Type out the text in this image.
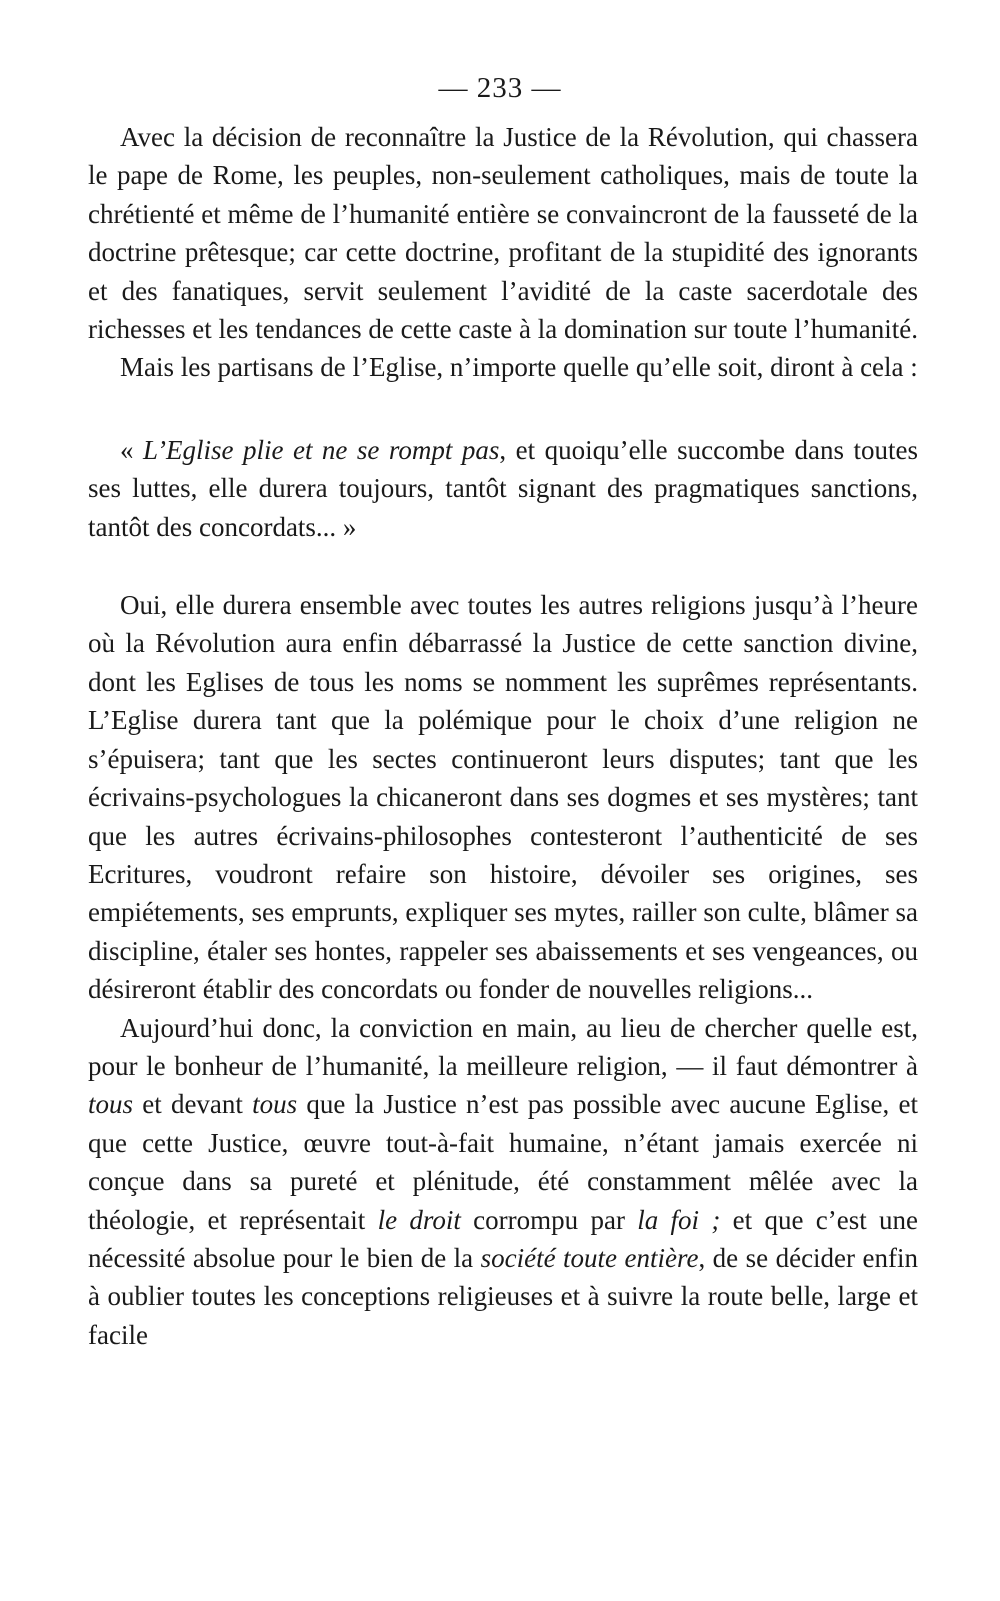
— 233 —

Avec la décision de reconnaître la Justice de la Révolution, qui chassera le pape de Rome, les peuples, non-seulement catholiques, mais de toute la chrétienté et même de l’humanité entière se convaincront de la fausseté de la doctrine prêtesque; car cette doctrine, profitant de la stupidité des ignorants et des fanatiques, servit seulement l’avidité de la caste sacerdotale des richesses et les tendances de cette caste à la domination sur toute l’humanité.

Mais les partisans de l’Eglise, n’importe quelle qu’elle soit, diront à cela :

« L’Eglise plie et ne se rompt pas, et quoiqu’elle succombe dans toutes ses luttes, elle durera toujours, tantôt signant des pragmatiques sanctions, tantôt des concordats... »

Oui, elle durera ensemble avec toutes les autres religions jusqu’à l’heure où la Révolution aura enfin débarrassé la Justice de cette sanction divine, dont les Eglises de tous les noms se nomment les suprêmes représentants. L’Eglise durera tant que la polémique pour le choix d’une religion ne s’épuisera; tant que les sectes continueront leurs disputes; tant que les écrivains-psychologues la chicaneront dans ses dogmes et ses mystères; tant que les autres écrivains-philosophes contesteront l’authenticité de ses Ecritures, voudront refaire son histoire, dévoiler ses origines, ses empiétements, ses emprunts, expliquer ses mytes, railler son culte, blâmer sa discipline, étaler ses hontes, rappeler ses abaissements et ses vengeances, ou désireront établir des concordats ou fonder de nouvelles religions...

Aujourd’hui donc, la conviction en main, au lieu de chercher quelle est, pour le bonheur de l’humanité, la meilleure religion, — il faut démontrer à tous et devant tous que la Justice n’est pas possible avec aucune Eglise, et que cette Justice, œuvre tout-à-fait humaine, n’étant jamais exercée ni conçue dans sa pureté et plénitude, été constamment mêlée avec la théologie, et représentait le droit corrompu par la foi ; et que c’est une nécessité absolue pour le bien de la société toute entière, de se décider enfin à oublier toutes les conceptions religieuses et à suivre la route belle, large et facile
